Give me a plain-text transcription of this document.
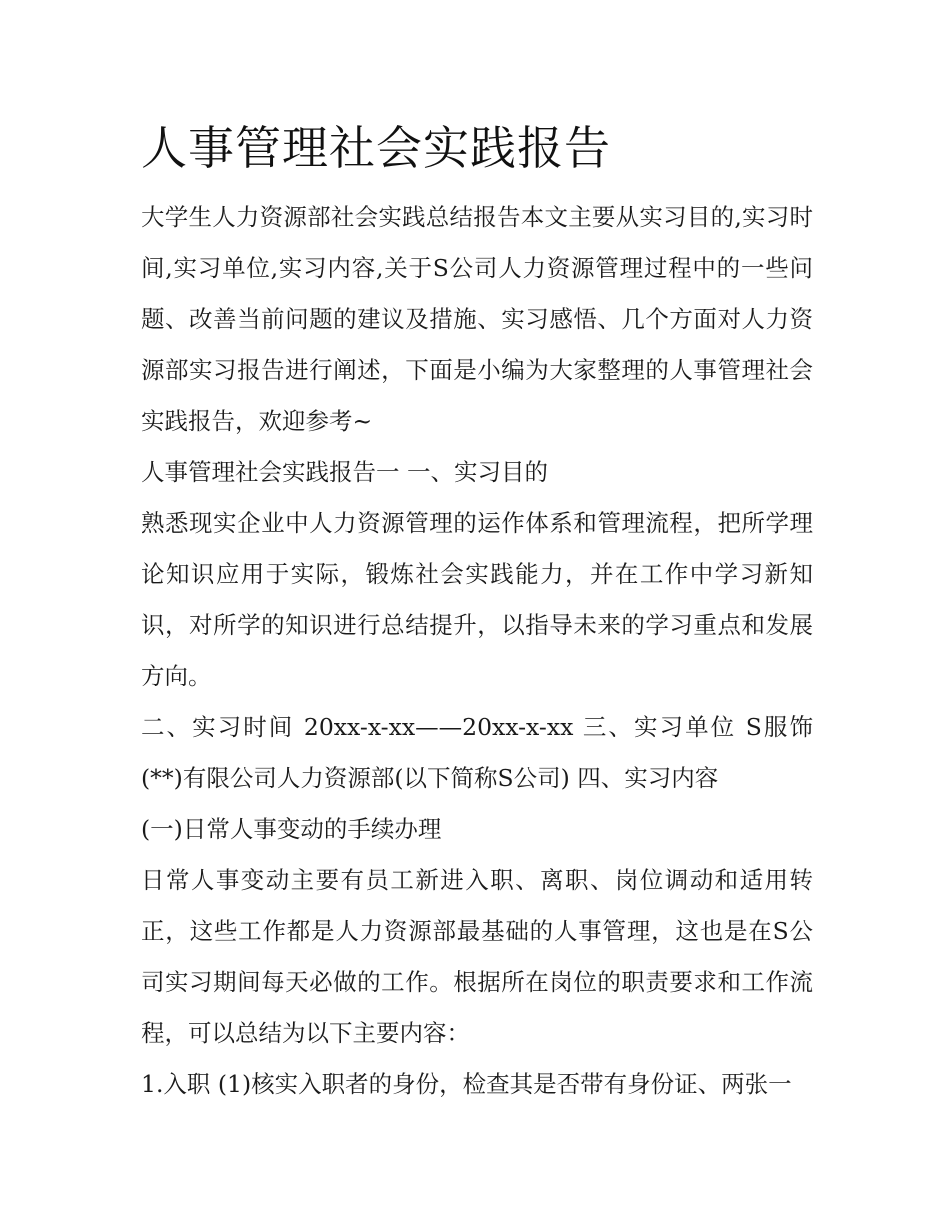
人事管理社会实践报告

大学生人力资源部社会实践总结报告本文主要从实习目的,实习时间,实习单位,实习内容,关于S公司人力资源管理过程中的一些问题、改善当前问题的建议及措施、实习感悟、几个方面对人力资源部实习报告进行阐述，下面是小编为大家整理的人事管理社会实践报告，欢迎参考~

人事管理社会实践报告一 一、实习目的

熟悉现实企业中人力资源管理的运作体系和管理流程，把所学理论知识应用于实际，锻炼社会实践能力，并在工作中学习新知识，对所学的知识进行总结提升，以指导未来的学习重点和发展方向。

二、实习时间 20xx-x-xx——20xx-x-xx 三、实习单位 S服饰(**)有限公司人力资源部(以下简称S公司) 四、实习内容

(一)日常人事变动的手续办理

日常人事变动主要有员工新进入职、离职、岗位调动和适用转正，这些工作都是人力资源部最基础的人事管理，这也是在S公司实习期间每天必做的工作。根据所在岗位的职责要求和工作流程，可以总结为以下主要内容：

1.入职 (1)核实入职者的身份，检查其是否带有身份证、两张一
